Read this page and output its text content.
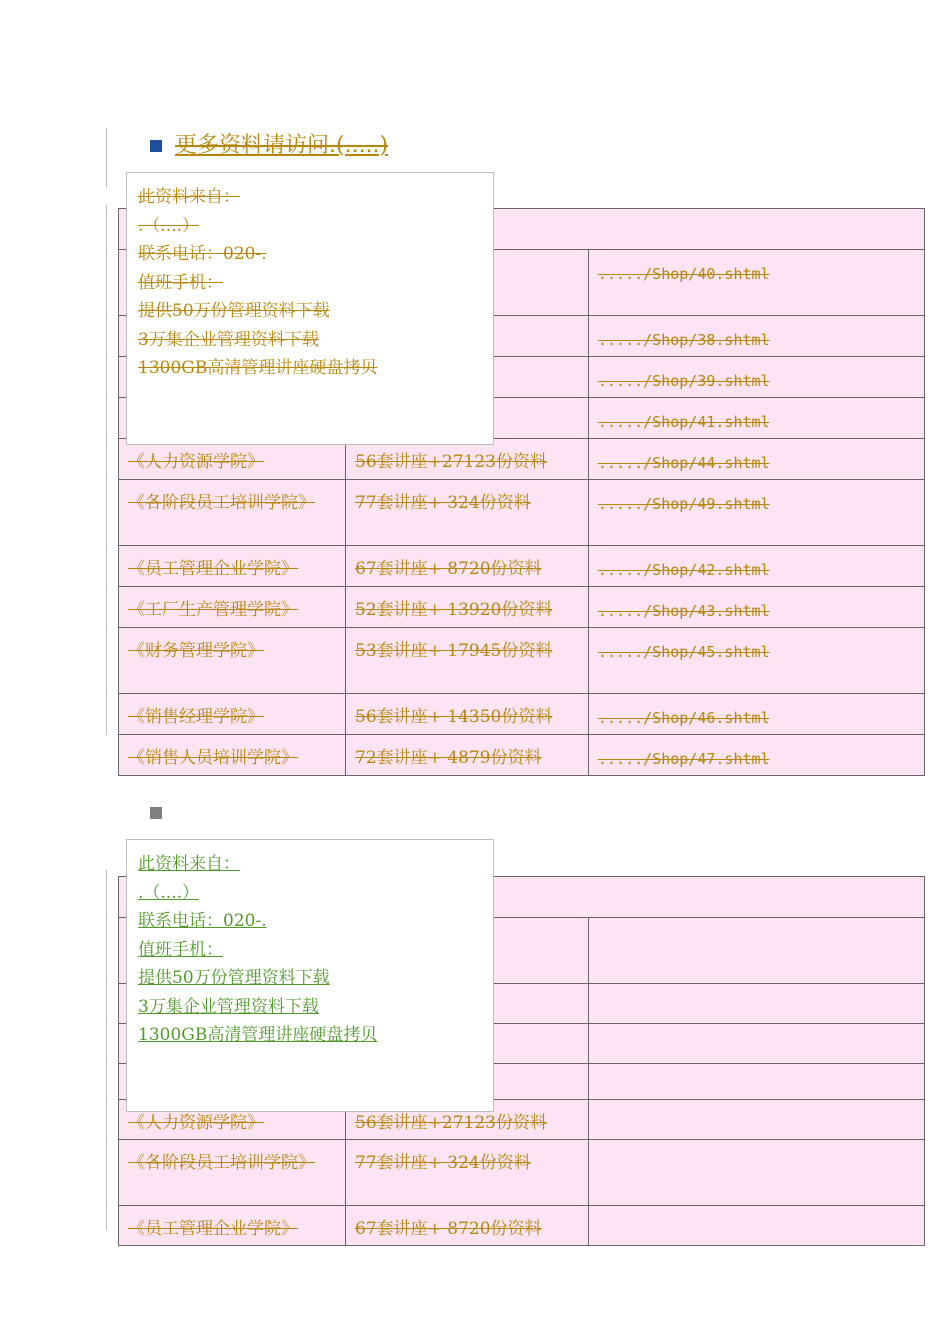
更多资料请访问.(.....)

		...../Shop/40.shtml
		...../Shop/38.shtml
		...../Shop/39.shtml
		...../Shop/41.shtml
《人力资源学院》	56套讲座+27123份资料	...../Shop/44.shtml
《各阶段员工培训学院》	77套讲座+ 324份资料	...../Shop/49.shtml
《员工管理企业学院》	67套讲座+ 8720份资料	...../Shop/42.shtml
《工厂生产管理学院》	52套讲座+ 13920份资料	...../Shop/43.shtml
《财务管理学院》	53套讲座+ 17945份资料	...../Shop/45.shtml
《销售经理学院》	56套讲座+ 14350份资料	...../Shop/46.shtml
《销售人员培训学院》	72套讲座+ 4879份资料	...../Shop/47.shtml
此资料来自：
.（....）
联系电话：020-.
值班手机：
提供50万份管理资料下载
3万集企业管理资料下载
1300GB高清管理讲座硬盘拷贝

《人力资源学院》	56套讲座+27123份资料	
《各阶段员工培训学院》	77套讲座+ 324份资料	
《员工管理企业学院》	67套讲座+ 8720份资料	
此资料来自：
.（....）
联系电话：020-.
值班手机：
提供50万份管理资料下载
3万集企业管理资料下载
1300GB高清管理讲座硬盘拷贝
